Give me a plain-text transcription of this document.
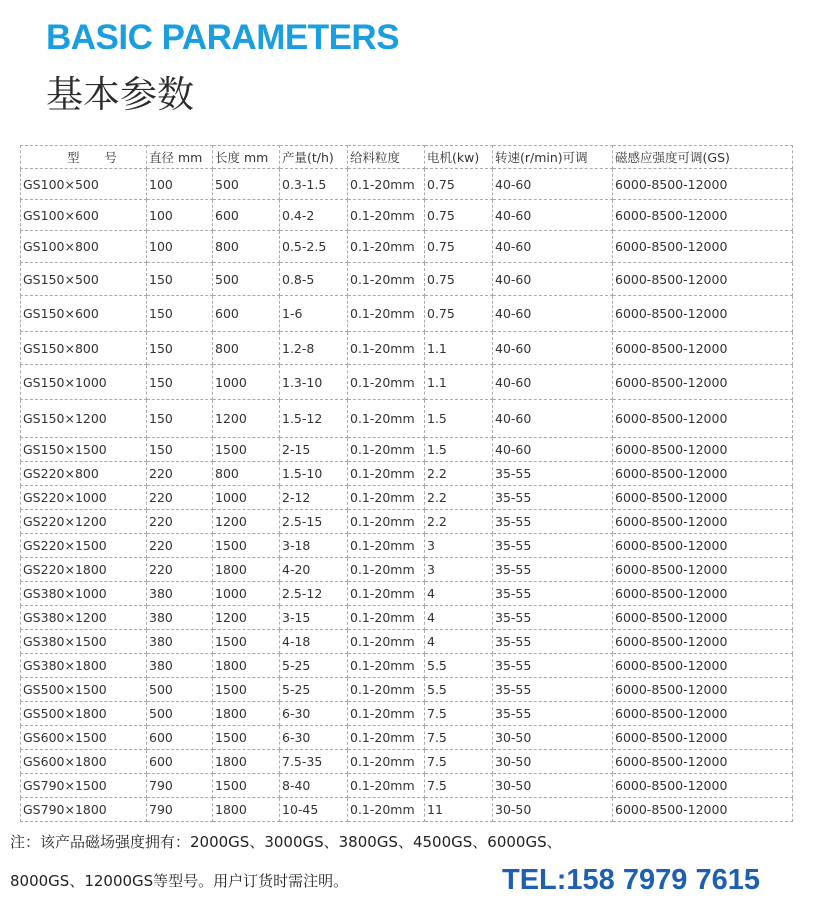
BASIC PARAMETERS
基本参数
型　　号	直径 mm	长度 mm	产量(t/h)	给料粒度	电机(kw)	转速(r/min)可调	磁感应强度可调(GS)
GS100×500	100	500	0.3-1.5	0.1-20mm	0.75	40-60	6000-8500-12000
GS100×600	100	600	0.4-2	0.1-20mm	0.75	40-60	6000-8500-12000
GS100×800	100	800	0.5-2.5	0.1-20mm	0.75	40-60	6000-8500-12000
GS150×500	150	500	0.8-5	0.1-20mm	0.75	40-60	6000-8500-12000
GS150×600	150	600	1-6	0.1-20mm	0.75	40-60	6000-8500-12000
GS150×800	150	800	1.2-8	0.1-20mm	1.1	40-60	6000-8500-12000
GS150×1000	150	1000	1.3-10	0.1-20mm	1.1	40-60	6000-8500-12000
GS150×1200	150	1200	1.5-12	0.1-20mm	1.5	40-60	6000-8500-12000
GS150×1500	150	1500	2-15	0.1-20mm	1.5	40-60	6000-8500-12000
GS220×800	220	800	1.5-10	0.1-20mm	2.2	35-55	6000-8500-12000
GS220×1000	220	1000	2-12	0.1-20mm	2.2	35-55	6000-8500-12000
GS220×1200	220	1200	2.5-15	0.1-20mm	2.2	35-55	6000-8500-12000
GS220×1500	220	1500	3-18	0.1-20mm	3	35-55	6000-8500-12000
GS220×1800	220	1800	4-20	0.1-20mm	3	35-55	6000-8500-12000
GS380×1000	380	1000	2.5-12	0.1-20mm	4	35-55	6000-8500-12000
GS380×1200	380	1200	3-15	0.1-20mm	4	35-55	6000-8500-12000
GS380×1500	380	1500	4-18	0.1-20mm	4	35-55	6000-8500-12000
GS380×1800	380	1800	5-25	0.1-20mm	5.5	35-55	6000-8500-12000
GS500×1500	500	1500	5-25	0.1-20mm	5.5	35-55	6000-8500-12000
GS500×1800	500	1800	6-30	0.1-20mm	7.5	35-55	6000-8500-12000
GS600×1500	600	1500	6-30	0.1-20mm	7.5	30-50	6000-8500-12000
GS600×1800	600	1800	7.5-35	0.1-20mm	7.5	30-50	6000-8500-12000
GS790×1500	790	1500	8-40	0.1-20mm	7.5	30-50	6000-8500-12000
GS790×1800	790	1800	10-45	0.1-20mm	11	30-50	6000-8500-12000

注：该产品磁场强度拥有：2000GS、3000GS、3800GS、4500GS、6000GS、

8000GS、12000GS等型号。用户订货时需注明。	TEL:158 7979 7615
